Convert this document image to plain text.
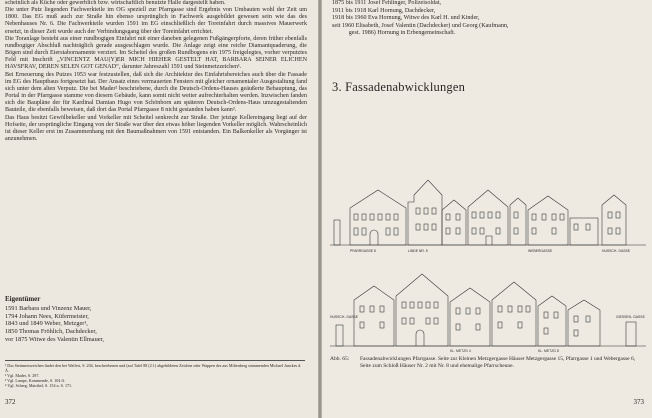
scheinlich als Küche oder gewerblich bzw. wirtschaftlich benutzte Halle dargestellt haben.

Die unter Putz liegenden Fachwerkteile im OG speziell zur Pfarrgasse sind Ergebnis von Umbauten wohl der Zeit um 1800. Das EG muß auch zur Straße hin ebenso ursprünglich in Fachwerk ausgebildet gewesen sein wie das des Nebenhauses Nr. 6. Die Fachwerkteile wurden 1591 im EG einschließlich der Toreinfahrt durch massives Mauerwerk ersetzt, in dieser Zeit wurde auch der Verbindungsgang über der Toreinfahrt errichtet.

Die Toranlage besteht aus einer rundbogigen Einfahrt mit einer daneben gelegenen Fußgängerpforte, deren früher ebenfalls rundbogiger Abschluß nachträglich gerade ausgeschlagen wurde. Die Anlage zeigt eine reiche Diamantquaderung, die Bögen sind durch Eierstabornamente verziert. Im Scheitel des großen Rundbogens ein 1975 freigelegtes, vorher verputztes Feld mit Inschrift „VINCENTZ MAU(Y)ER MICH HIEHER GESTELT HAT, BARBARA SEINER ELICHEN HAVSFRAV, DEREN SELEN GOT GENAD“, darunter Jahreszahl 1591 und Steinmetzzeichen¹.

Bei Erneuerung des Putzes 1953 war festzustellen, daß sich die Architektur des Einfahrtsbereiches auch über die Fassade im EG des Hauptbaus fortgesetzt hat. Der Ansatz eines vermauerten Fensters mit gleicher ornamentaler Ausgestaltung fand sich unter dem alten Verputz. Die bei Mader² beschriebene, durch die Deutsch-Ordens-Hauses geäußerte Behauptung, das Portal in der Pfarrgasse stamme von diesem Gebäude, kann somit nicht weiter aufrechterhalten werden. Inzwischen fanden sich die Baupläne der für Kardinal Damian Hugo von Schönborn am späteren Deutsch-Ordens-Haus umzugestaltenden Bauteile, die ebenfalls beweisen, daß dort das Portal Pfarrgasse 8 nicht gestanden haben kann³.

Das Haus besitzt Gewölbekeller und Vorkeller mit Scheitel senkrecht zur Straße. Der jetzige Kellereingang liegt auf der Hofseite, der ursprüngliche Eingang von der Straße war über den etwas höher liegenden Vorkeller möglich. Wahrscheinlich ist dieser Keller erst im Zusammenhang mit den Baumaßnahmen von 1591 entstanden. Ein Balkenkeller als Vorgänger ist anzunehmen.

Eigentümer
1591 Barbara und Vinzenz Mauer,
1794 Johann Nees, Küfermeister,
1843 und 1849 Weber, Metzger¹,
1850 Thomas Fröhlich, Dachdecker,
vor 1875 Witwe des Valentin Ellmauer,
¹ Das Steinmetzzeichen findet den bei Walfert, S. 204, beschriebenen und (auf Tafel 88 (2.1) abgebildeten Zeichen oder Wappen des aus Miltenberg stammenden Michael Junckes d. Ä.
² Vgl. Mader, S. 297.
³ Vgl. Lampe, Kommende, S. 104 ff.
⁴ Vgl. Scherg, Matrikel, S. 154 u. S. 171.
372
1875 bis 1911 Josef Fehlinger, Polizeisoldat,
1911 bis 1918 Karl Hornung, Dachdecker,
1918 bis 1960 Eva Hornung, Witwe des Karl H. und Kinder,
seit 1960 Elisabeth, Josef Valentin (Dachdecker) und Georg (Kaufmann,
gest. 1986) Hornung in Erbengemeinschaft.
3. Fassadenabwicklungen
PFARRGASSE 8	LINDE NR. 5	WEBERGASSE	HUSSCH- GASSE
HUSSCH- GASSE
KL. METZG 4	KL. METZG 8
GIESSEN- GASSE
Abb. 65: Fassadenabwicklungen Pfarrgasse. Seite zur Kleinen Metzgergasse Häuser Metzgergasse 15, Pfarrgasse 1 und Webergasse 6, Seite zum Schloß Häuser Nr. 2 mit Nr. 8 und ehemalige Pfarrscheune.
373
